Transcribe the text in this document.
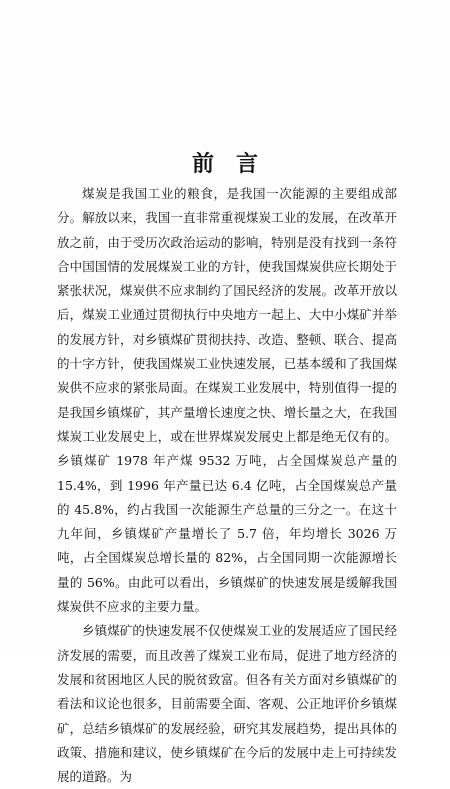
前言

煤炭是我国工业的粮食，是我国一次能源的主要组成部分。解放以来，我国一直非常重视煤炭工业的发展，在改革开放之前，由于受历次政治运动的影响，特别是没有找到一条符合中国国情的发展煤炭工业的方针，使我国煤炭供应长期处于紧张状况，煤炭供不应求制约了国民经济的发展。改革开放以后，煤炭工业通过贯彻执行中央地方一起上、大中小煤矿并举的发展方针，对乡镇煤矿贯彻扶持、改造、整顿、联合、提高的十字方针，使我国煤炭工业快速发展，已基本缓和了我国煤炭供不应求的紧张局面。在煤炭工业发展中，特别值得一提的是我国乡镇煤矿，其产量增长速度之快、增长量之大，在我国煤炭工业发展史上，或在世界煤炭发展史上都是绝无仅有的。乡镇煤矿 1978 年产煤 9532 万吨，占全国煤炭总产量的 15.4%，到 1996 年产量已达 6.4 亿吨，占全国煤炭总产量的 45.8%，约占我国一次能源生产总量的三分之一。在这十九年间，乡镇煤矿产量增长了 5.7 倍，年均增长 3026 万吨，占全国煤炭总增长量的 82%，占全国同期一次能源增长量的 56%。由此可以看出，乡镇煤矿的快速发展是缓解我国煤炭供不应求的主要力量。

乡镇煤矿的快速发展不仅使煤炭工业的发展适应了国民经济发展的需要，而且改善了煤炭工业布局，促进了地方经济的发展和贫困地区人民的脱贫致富。但各有关方面对乡镇煤矿的看法和议论也很多，目前需要全面、客观、公正地评价乡镇煤矿，总结乡镇煤矿的发展经验，研究其发展趋势，提出具体的政策、措施和建议，使乡镇煤矿在今后的发展中走上可持续发展的道路。为
